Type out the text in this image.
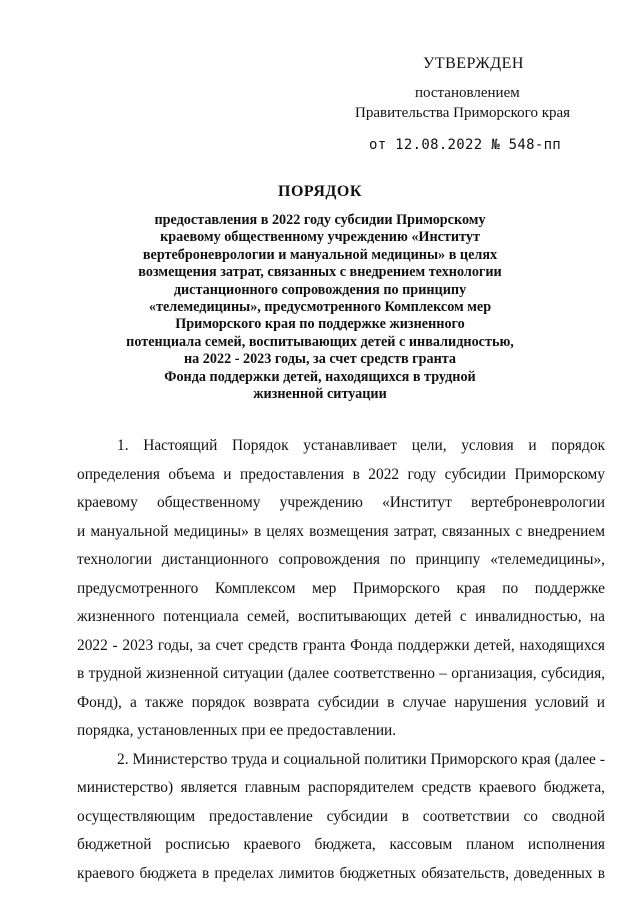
УТВЕРЖДЕН
постановлением
Правительства Приморского края
от 12.08.2022 № 548-пп
ПОРЯДОК
предоставления в 2022 году субсидии Приморскому
краевому общественному учреждению «Институт
вертеброневрологии и мануальной медицины» в целях
возмещения затрат, связанных с внедрением технологии
дистанционного сопровождения по принципу
«телемедицины», предусмотренного Комплексом мер
Приморского края по поддержке жизненного
потенциала семей, воспитывающих детей с инвалидностью,
на 2022 - 2023 годы, за счет средств гранта
Фонда поддержки детей, находящихся в трудной
жизненной ситуации
1. Настоящий Порядок устанавливает цели, условия и порядок
определения объема и предоставления в 2022 году субсидии Приморскому
краевому общественному учреждению «Институт вертеброневрологии
и мануальной медицины» в целях возмещения затрат, связанных с внедрением
технологии дистанционного сопровождения по принципу «телемедицины»,
предусмотренного Комплексом мер Приморского края по поддержке
жизненного потенциала семей, воспитывающих детей с инвалидностью, на
2022 - 2023 годы, за счет средств гранта Фонда поддержки детей, находящихся
в трудной жизненной ситуации (далее соответственно – организация, субсидия,
Фонд), а также порядок возврата субсидии в случае нарушения условий и
порядка, установленных при ее предоставлении.
2. Министерство труда и социальной политики Приморского края (далее -
министерство) является главным распорядителем средств краевого бюджета,
осуществляющим предоставление субсидии в соответствии со сводной
бюджетной росписью краевого бюджета, кассовым планом исполнения
краевого бюджета в пределах лимитов бюджетных обязательств, доведенных в
